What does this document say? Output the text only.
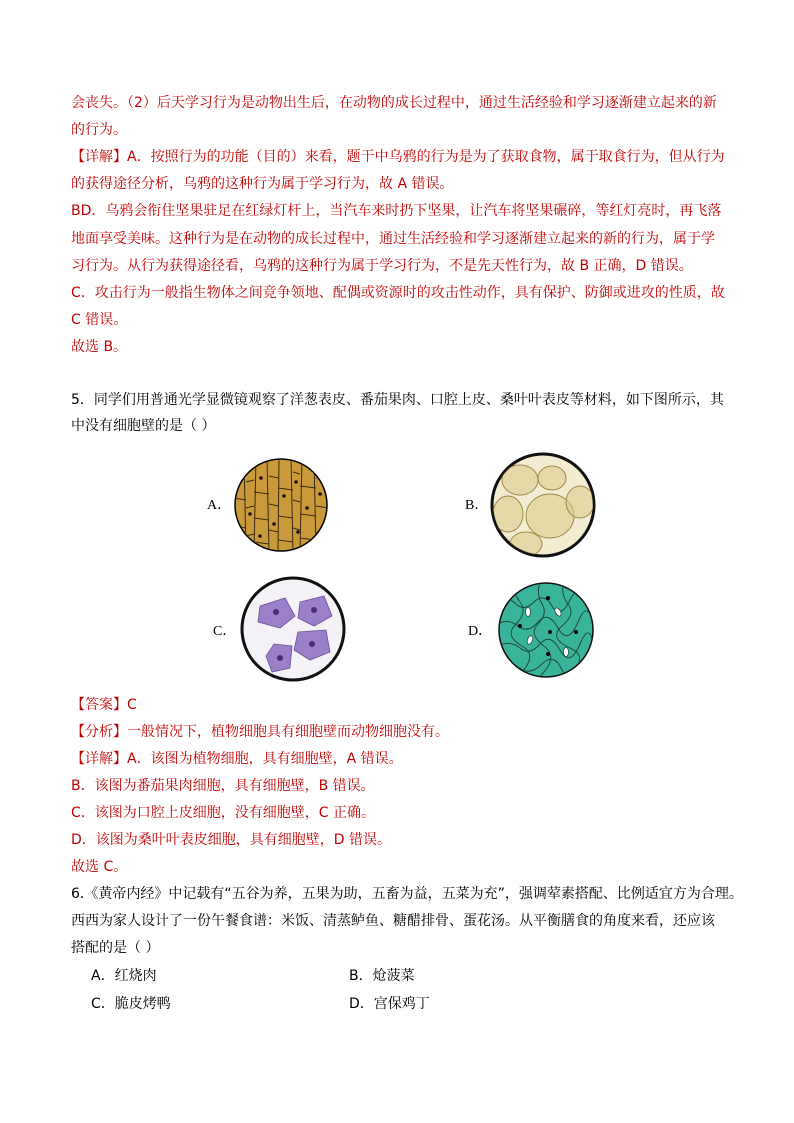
会丧失。（2）后天学习行为是动物出生后，在动物的成长过程中，通过生活经验和学习逐渐建立起来的新
的行为。
【详解】A．按照行为的功能（目的）来看，题干中乌鸦的行为是为了获取食物，属于取食行为，但从行为
的获得途径分析，乌鸦的这种行为属于学习行为，故 A 错误。
BD．乌鸦会衔住坚果驻足在红绿灯杆上，当汽车来时扔下坚果，让汽车将坚果碾碎，等红灯亮时，再飞落
地面享受美味。这种行为是在动物的成长过程中，通过生活经验和学习逐渐建立起来的新的行为，属于学
习行为。从行为获得途径看，乌鸦的这种行为属于学习行为，不是先天性行为，故 B 正确，D 错误。
C．攻击行为一般指生物体之间竞争领地、配偶或资源时的攻击性动作，具有保护、防御或进攻的性质，故
C 错误。
故选 B。
5．同学们用普通光学显微镜观察了洋葱表皮、番茄果肉、口腔上皮、桑叶叶表皮等材料，如下图所示，其
中没有细胞壁的是（ ）
A．	B．
C．	D．
【答案】C
【分析】一般情况下，植物细胞具有细胞壁而动物细胞没有。
【详解】A．该图为植物细胞，具有细胞壁，A 错误。
B．该图为番茄果肉细胞，具有细胞壁，B 错误。
C．该图为口腔上皮细胞，没有细胞壁，C 正确。
D．该图为桑叶叶表皮细胞，具有细胞壁，D 错误。
故选 C。
6.《黄帝内经》中记载有“五谷为养，五果为助，五畜为益，五菜为充”，强调荤素搭配、比例适宜方为合理。
西西为家人设计了一份午餐食谱：米饭、清蒸鲈鱼、糖醋排骨、蛋花汤。从平衡膳食的角度来看，还应该
搭配的是（ ）
A．红烧肉	B．炝菠菜
C．脆皮烤鸭	D．宫保鸡丁
